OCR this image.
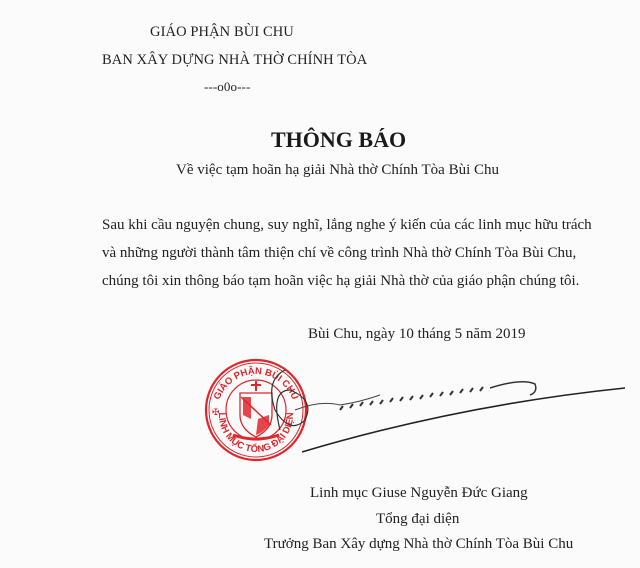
GIÁO PHẬN BÙI CHU
BAN XÂY DỰNG NHÀ THỜ CHÍNH TÒA
---o0o---
THÔNG BÁO
Về việc tạm hoãn hạ giải Nhà thờ Chính Tòa Bùi Chu
Sau khi cầu nguyện chung, suy nghĩ, lắng nghe ý kiến của các linh mục hữu trách
và những người thành tâm thiện chí về công trình Nhà thờ Chính Tòa Bùi Chu,
chúng tôi xin thông báo tạm hoãn việc hạ giải Nhà thờ của giáo phận chúng tôi.
Bùi Chu, ngày 10 tháng 5 năm 2019
GIÁO PHẬN BÙI CHU
LINH MỤC TỔNG ĐẠI DIỆN
✠
Linh mục Giuse Nguyễn Đức Giang
Tổng đại diện
Trưởng Ban Xây dựng Nhà thờ Chính Tòa Bùi Chu
